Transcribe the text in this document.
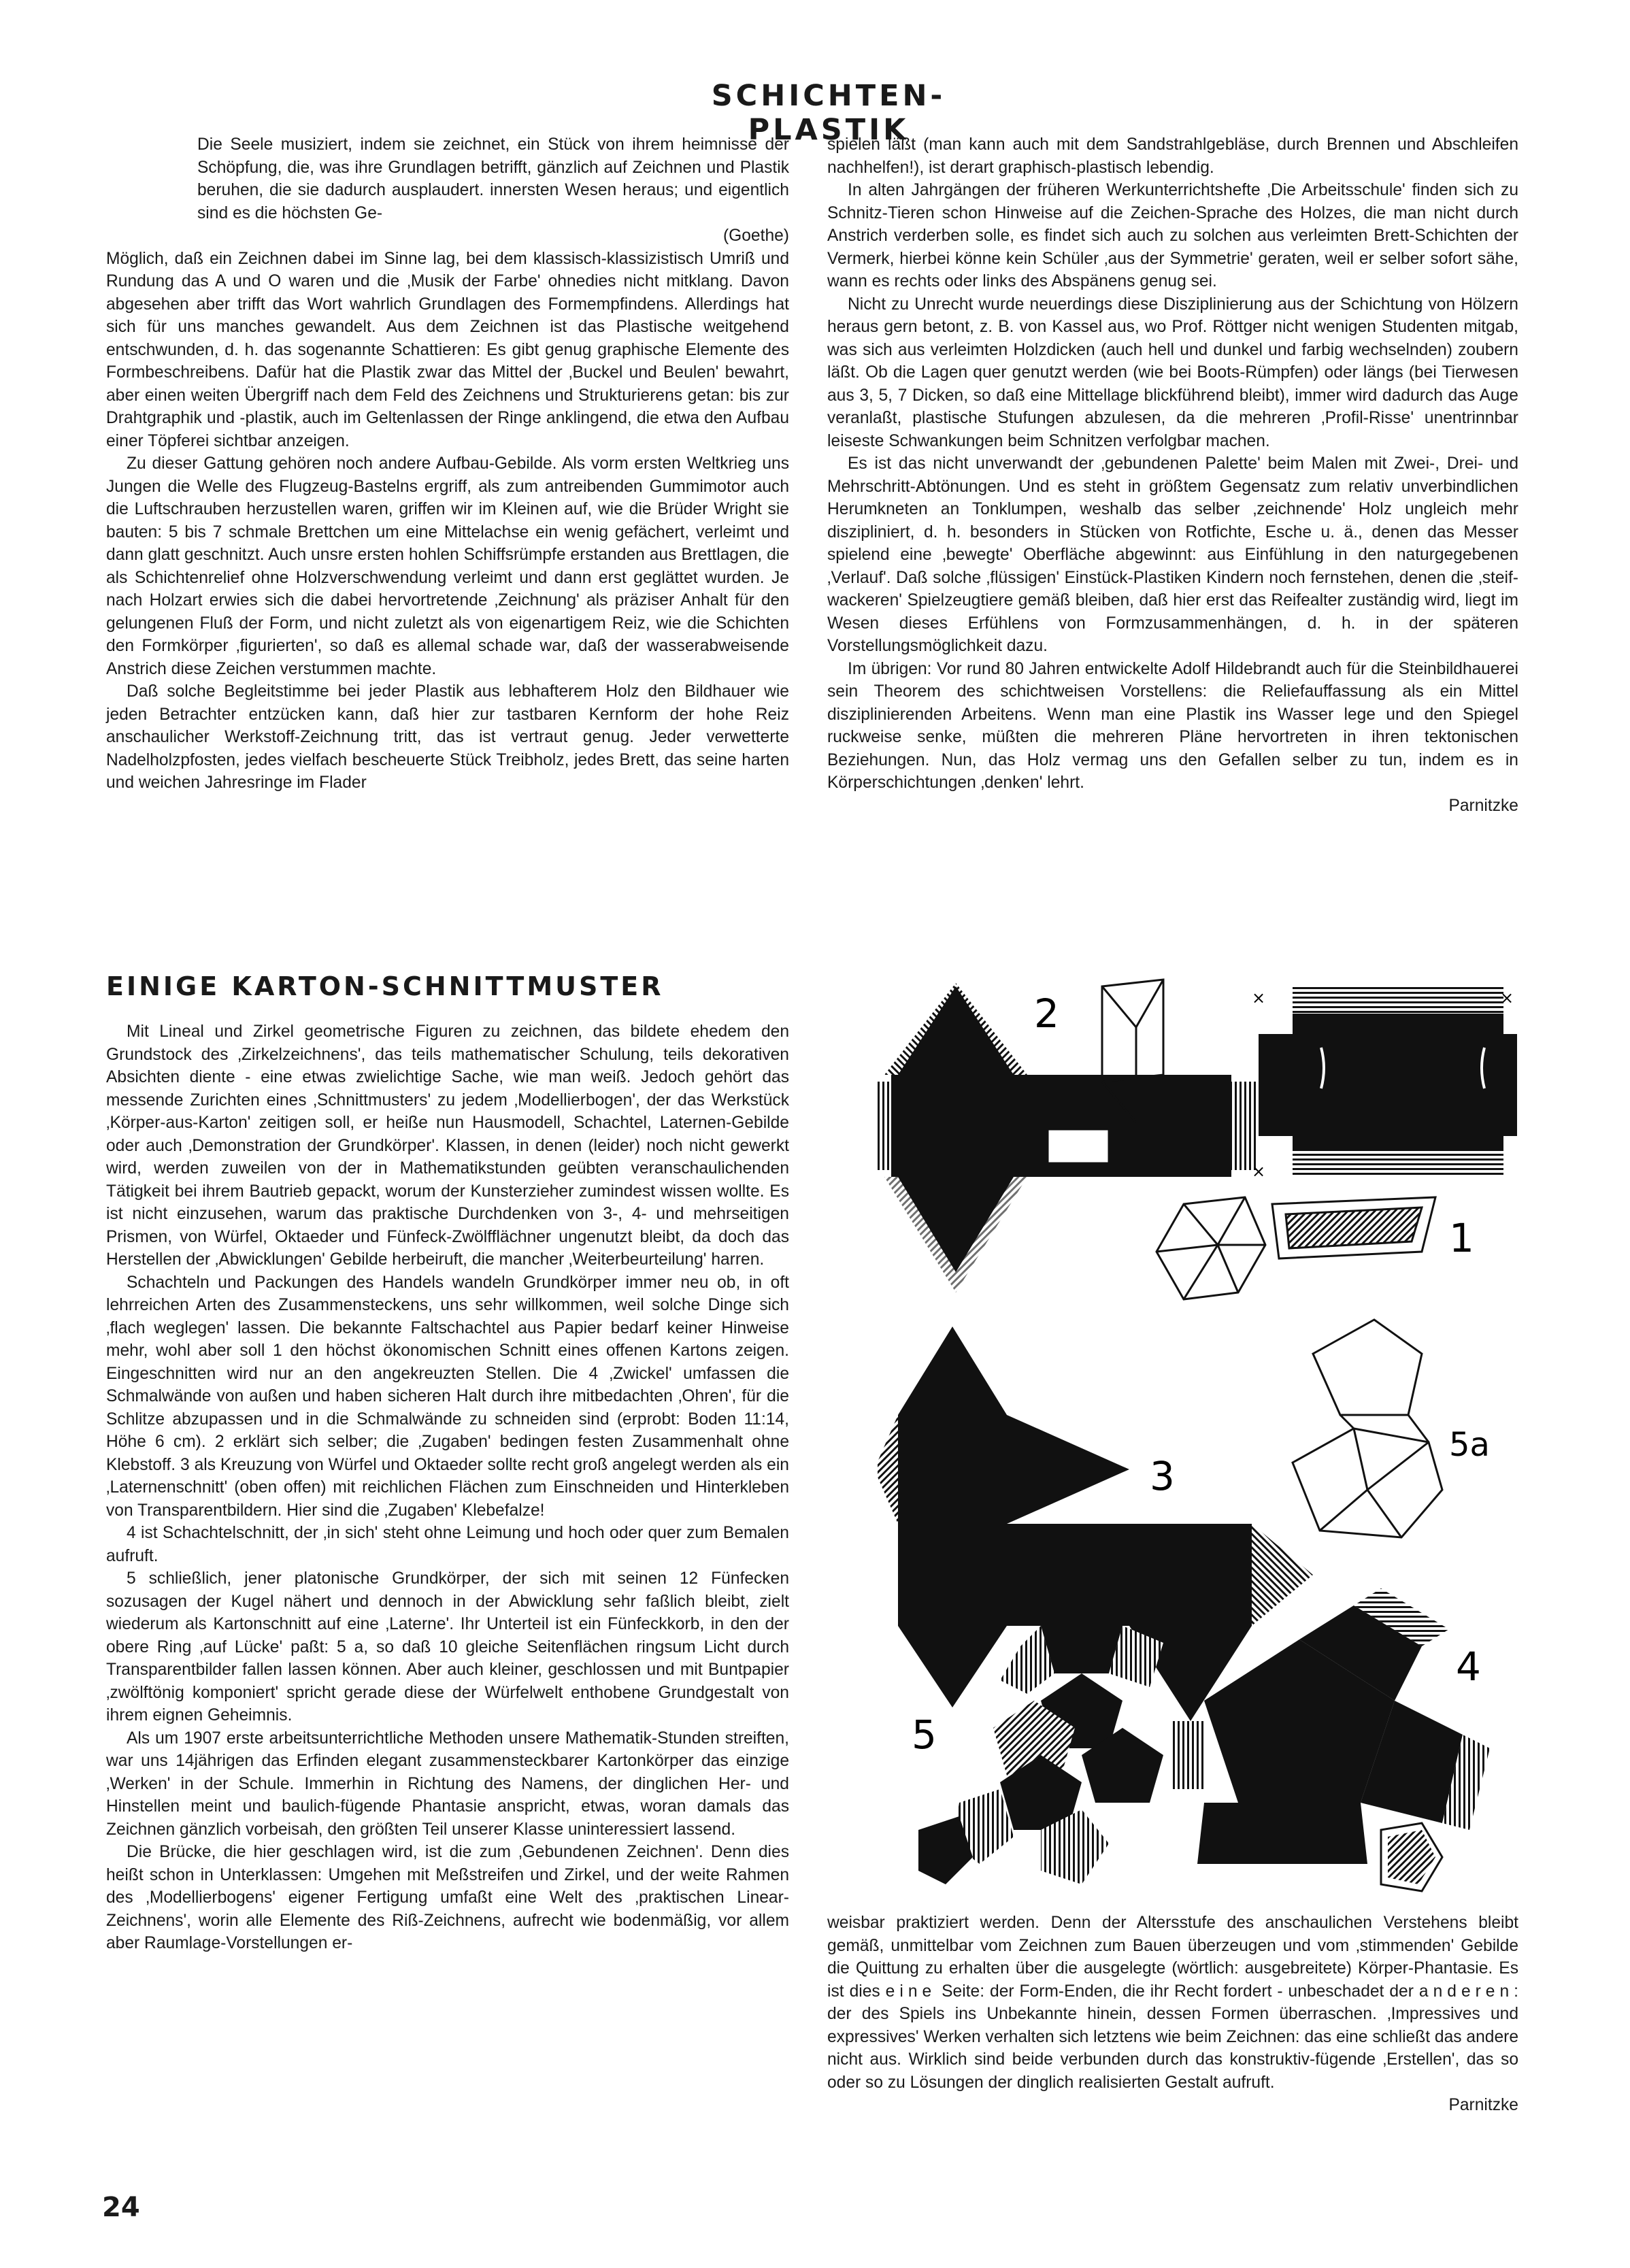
SCHICHTEN-PLASTIK

Die Seele musiziert, indem sie zeichnet, ein Stück von ihrem heimnisse der Schöpfung, die, was ihre Grundlagen betrifft, gänzlich auf Zeichnen und Plastik beruhen, die sie dadurch ausplaudert. innersten Wesen heraus; und eigentlich sind es die höchsten Ge-

(Goethe)

Möglich, daß ein Zeichnen dabei im Sinne lag, bei dem klassisch-klassizistisch Umriß und Rundung das A und O waren und die ‚Musik der Farbe' ohnedies nicht mitklang. Davon abgesehen aber trifft das Wort wahrlich Grundlagen des Formempfindens. Allerdings hat sich für uns manches gewandelt. Aus dem Zeichnen ist das Plastische weitgehend entschwunden, d. h. das sogenannte Schattieren: Es gibt genug graphische Elemente des Formbeschreibens. Dafür hat die Plastik zwar das Mittel der ‚Buckel und Beulen' bewahrt, aber einen weiten Übergriff nach dem Feld des Zeichnens und Strukturierens getan: bis zur Drahtgraphik und -plastik, auch im Geltenlassen der Ringe anklingend, die etwa den Aufbau einer Töpferei sichtbar anzeigen.

Zu dieser Gattung gehören noch andere Aufbau-Gebilde. Als vorm ersten Weltkrieg uns Jungen die Welle des Flugzeug-Bastelns ergriff, als zum antreibenden Gummimotor auch die Luftschrauben herzustellen waren, griffen wir im Kleinen auf, wie die Brüder Wright sie bauten: 5 bis 7 schmale Brettchen um eine Mittelachse ein wenig gefächert, verleimt und dann glatt geschnitzt. Auch unsre ersten hohlen Schiffsrümpfe erstanden aus Brettlagen, die als Schichtenrelief ohne Holzverschwendung verleimt und dann erst geglättet wurden. Je nach Holzart erwies sich die dabei hervortretende ‚Zeichnung' als präziser Anhalt für den gelungenen Fluß der Form, und nicht zuletzt als von eigenartigem Reiz, wie die Schichten den Formkörper ‚figurierten', so daß es allemal schade war, daß der wasserabweisende Anstrich diese Zeichen verstummen machte.

Daß solche Begleitstimme bei jeder Plastik aus lebhafterem Holz den Bildhauer wie jeden Betrachter entzücken kann, daß hier zur tastbaren Kernform der hohe Reiz anschaulicher Werkstoff-Zeichnung tritt, das ist vertraut genug. Jeder verwetterte Nadelholzpfosten, jedes vielfach bescheuerte Stück Treibholz, jedes Brett, das seine harten und weichen Jahresringe im Flader

spielen läßt (man kann auch mit dem Sandstrahlgebläse, durch Brennen und Abschleifen nachhelfen!), ist derart graphisch-plastisch lebendig.

In alten Jahrgängen der früheren Werkunterrichtshefte ‚Die Arbeitsschule' finden sich zu Schnitz-Tieren schon Hinweise auf die Zeichen-Sprache des Holzes, die man nicht durch Anstrich verderben solle, es findet sich auch zu solchen aus verleimten Brett-Schichten der Vermerk, hierbei könne kein Schüler ‚aus der Symmetrie' geraten, weil er selber sofort sähe, wann es rechts oder links des Abspänens genug sei.

Nicht zu Unrecht wurde neuerdings diese Disziplinierung aus der Schichtung von Hölzern heraus gern betont, z. B. von Kassel aus, wo Prof. Röttger nicht wenigen Studenten mitgab, was sich aus verleimten Holzdicken (auch hell und dunkel und farbig wechselnden) zoubern läßt. Ob die Lagen quer genutzt werden (wie bei Boots-Rümpfen) oder längs (bei Tierwesen aus 3, 5, 7 Dicken, so daß eine Mittellage blickführend bleibt), immer wird dadurch das Auge veranlaßt, plastische Stufungen abzulesen, da die mehreren ‚Profil-Risse' unentrinnbar leiseste Schwankungen beim Schnitzen verfolgbar machen.

Es ist das nicht unverwandt der ‚gebundenen Palette' beim Malen mit Zwei-, Drei- und Mehrschritt-Abtönungen. Und es steht in größtem Gegensatz zum relativ unverbindlichen Herumkneten an Tonklumpen, weshalb das selber ‚zeichnende' Holz ungleich mehr diszipliniert, d. h. besonders in Stücken von Rotfichte, Esche u. ä., denen das Messer spielend eine ‚bewegte' Oberfläche abgewinnt: aus Einfühlung in den naturgegebenen ‚Verlauf'. Daß solche ‚flüssigen' Einstück-Plastiken Kindern noch fernstehen, denen die ‚steif-wackeren' Spielzeugtiere gemäß bleiben, daß hier erst das Reifealter zuständig wird, liegt im Wesen dieses Erfühlens von Formzusammenhängen, d. h. in der späteren Vorstellungsmöglichkeit dazu.

Im übrigen: Vor rund 80 Jahren entwickelte Adolf Hildebrandt auch für die Steinbildhauerei sein Theorem des schichtweisen Vorstellens: die Reliefauffassung als ein Mittel disziplinierenden Arbeitens. Wenn man eine Plastik ins Wasser lege und den Spiegel ruckweise senke, müßten die mehreren Pläne hervortreten in ihren tektonischen Beziehungen. Nun, das Holz vermag uns den Gefallen selber zu tun, indem es in Körperschichtungen ‚denken' lehrt.

Parnitzke

EINIGE KARTON-SCHNITTMUSTER

Mit Lineal und Zirkel geometrische Figuren zu zeichnen, das bildete ehedem den Grundstock des ‚Zirkelzeichnens', das teils mathematischer Schulung, teils dekorativen Absichten diente - eine etwas zwielichtige Sache, wie man weiß. Jedoch gehört das messende Zurichten eines ‚Schnittmusters' zu jedem ‚Modellierbogen', der das Werkstück ‚Körper-aus-Karton' zeitigen soll, er heiße nun Hausmodell, Schachtel, Laternen-Gebilde oder auch ‚Demonstration der Grundkörper'. Klassen, in denen (leider) noch nicht gewerkt wird, werden zuweilen von der in Mathematikstunden geübten veranschaulichenden Tätigkeit bei ihrem Bautrieb gepackt, worum der Kunsterzieher zumindest wissen wollte. Es ist nicht einzusehen, warum das praktische Durchdenken von 3-, 4- und mehrseitigen Prismen, von Würfel, Oktaeder und Fünfeck-Zwölfflächner ungenutzt bleibt, da doch das Herstellen der ‚Abwicklungen' Gebilde herbeiruft, die mancher ‚Weiterbeurteilung' harren.

Schachteln und Packungen des Handels wandeln Grundkörper immer neu ob, in oft lehrreichen Arten des Zusammensteckens, uns sehr willkommen, weil solche Dinge sich ‚flach weglegen' lassen. Die bekannte Faltschachtel aus Papier bedarf keiner Hinweise mehr, wohl aber soll 1 den höchst ökonomischen Schnitt eines offenen Kartons zeigen. Eingeschnitten wird nur an den angekreuzten Stellen. Die 4 ‚Zwickel' umfassen die Schmalwände von außen und haben sicheren Halt durch ihre mitbedachten ‚Ohren', für die Schlitze abzupassen und in die Schmalwände zu schneiden sind (erprobt: Boden 11:14, Höhe 6 cm). 2 erklärt sich selber; die ‚Zugaben' bedingen festen Zusammenhalt ohne Klebstoff. 3 als Kreuzung von Würfel und Oktaeder sollte recht groß angelegt werden als ein ‚Laternenschnitt' (oben offen) mit reichlichen Flächen zum Einschneiden und Hinterkleben von Transparentbildern. Hier sind die ‚Zugaben' Klebefalze!

4 ist Schachtelschnitt, der ‚in sich' steht ohne Leimung und hoch oder quer zum Bemalen aufruft.

5 schließlich, jener platonische Grundkörper, der sich mit seinen 12 Fünfecken sozusagen der Kugel nähert und dennoch in der Abwicklung sehr faßlich bleibt, zielt wiederum als Kartonschnitt auf eine ‚Laterne'. Ihr Unterteil ist ein Fünfeckkorb, in den der obere Ring ‚auf Lücke' paßt: 5 a, so daß 10 gleiche Seitenflächen ringsum Licht durch Transparentbilder fallen lassen können. Aber auch kleiner, geschlossen und mit Buntpapier ‚zwölftönig komponiert' spricht gerade diese der Würfelwelt enthobene Grundgestalt von ihrem eignen Geheimnis.

Als um 1907 erste arbeitsunterrichtliche Methoden unsere Mathematik-Stunden streiften, war uns 14jährigen das Erfinden elegant zusammensteckbarer Kartonkörper das einzige ‚Werken' in der Schule. Immerhin in Richtung des Namens, der dinglichen Her- und Hinstellen meint und baulich-fügende Phantasie anspricht, etwas, woran damals das Zeichnen gänzlich vorbeisah, den größten Teil unserer Klasse uninteressiert lassend.

Die Brücke, die hier geschlagen wird, ist die zum ‚Gebundenen Zeichnen'. Denn dies heißt schon in Unterklassen: Umgehen mit Meßstreifen und Zirkel, und der weite Rahmen des ‚Modellierbogens' eigener Fertigung umfaßt eine Welt des ‚praktischen Linear-Zeichnens', worin alle Elemente des Riß-Zeichnens, aufrecht wie bodenmäßig, vor allem aber Raumlage-Vorstellungen er-

weisbar praktiziert werden. Denn der Altersstufe des anschaulichen Verstehens bleibt gemäß, unmittelbar vom Zeichnen zum Bauen überzeugen und vom ‚stimmenden' Gebilde die Quittung zu erhalten über die ausgelegte (wörtlich: ausgebreitete) Körper-Phantasie. Es ist dies eine Seite: der Form-Enden, die ihr Recht fordert - unbeschadet der anderen: der des Spiels ins Unbekannte hinein, dessen Formen überraschen. ‚Impressives und expressives' Werken verhalten sich letztens wie beim Zeichnen: das eine schließt das andere nicht aus. Wirklich sind beide verbunden durch das konstruktiv-fügende ‚Erstellen', das so oder so zu Lösungen der dinglich realisierten Gestalt aufruft.

Parnitzke

2	×
×
×
1
3
5a
5
4

24
